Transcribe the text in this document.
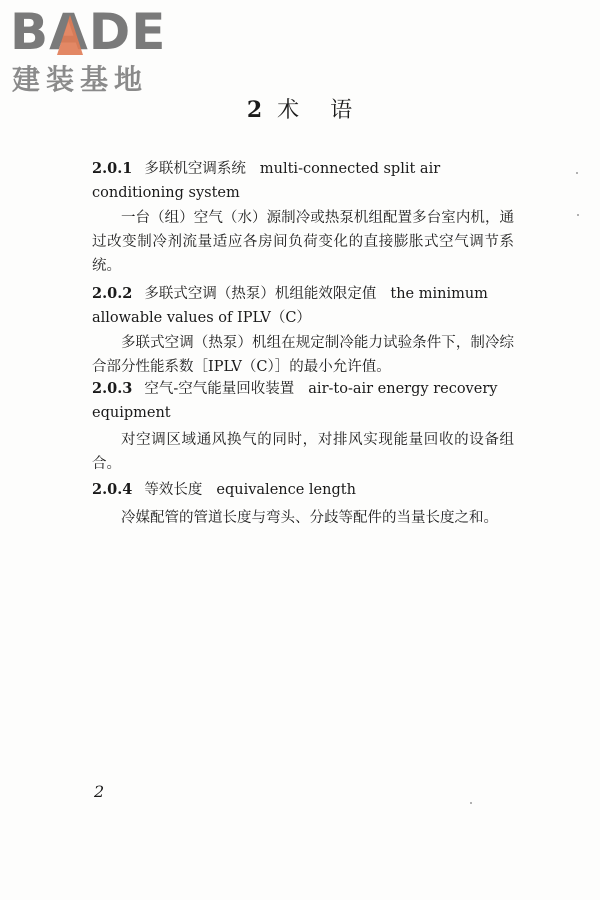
BADE
建装基地
2 术 语
2.0.1 多联机空调系统 multi-connected split air conditioning system
一台（组）空气（水）源制冷或热泵机组配置多台室内机，通过改变制冷剂流量适应各房间负荷变化的直接膨胀式空气调节系统。
2.0.2 多联式空调（热泵）机组能效限定值 the minimum allowable values of IPLV（C）
多联式空调（热泵）机组在规定制冷能力试验条件下，制冷综合部分性能系数［IPLV（C）］的最小允许值。
2.0.3 空气-空气能量回收装置 air-to-air energy recovery equipment
对空调区域通风换气的同时，对排风实现能量回收的设备组合。
2.0.4 等效长度 equivalence length
冷媒配管的管道长度与弯头、分歧等配件的当量长度之和。
2
